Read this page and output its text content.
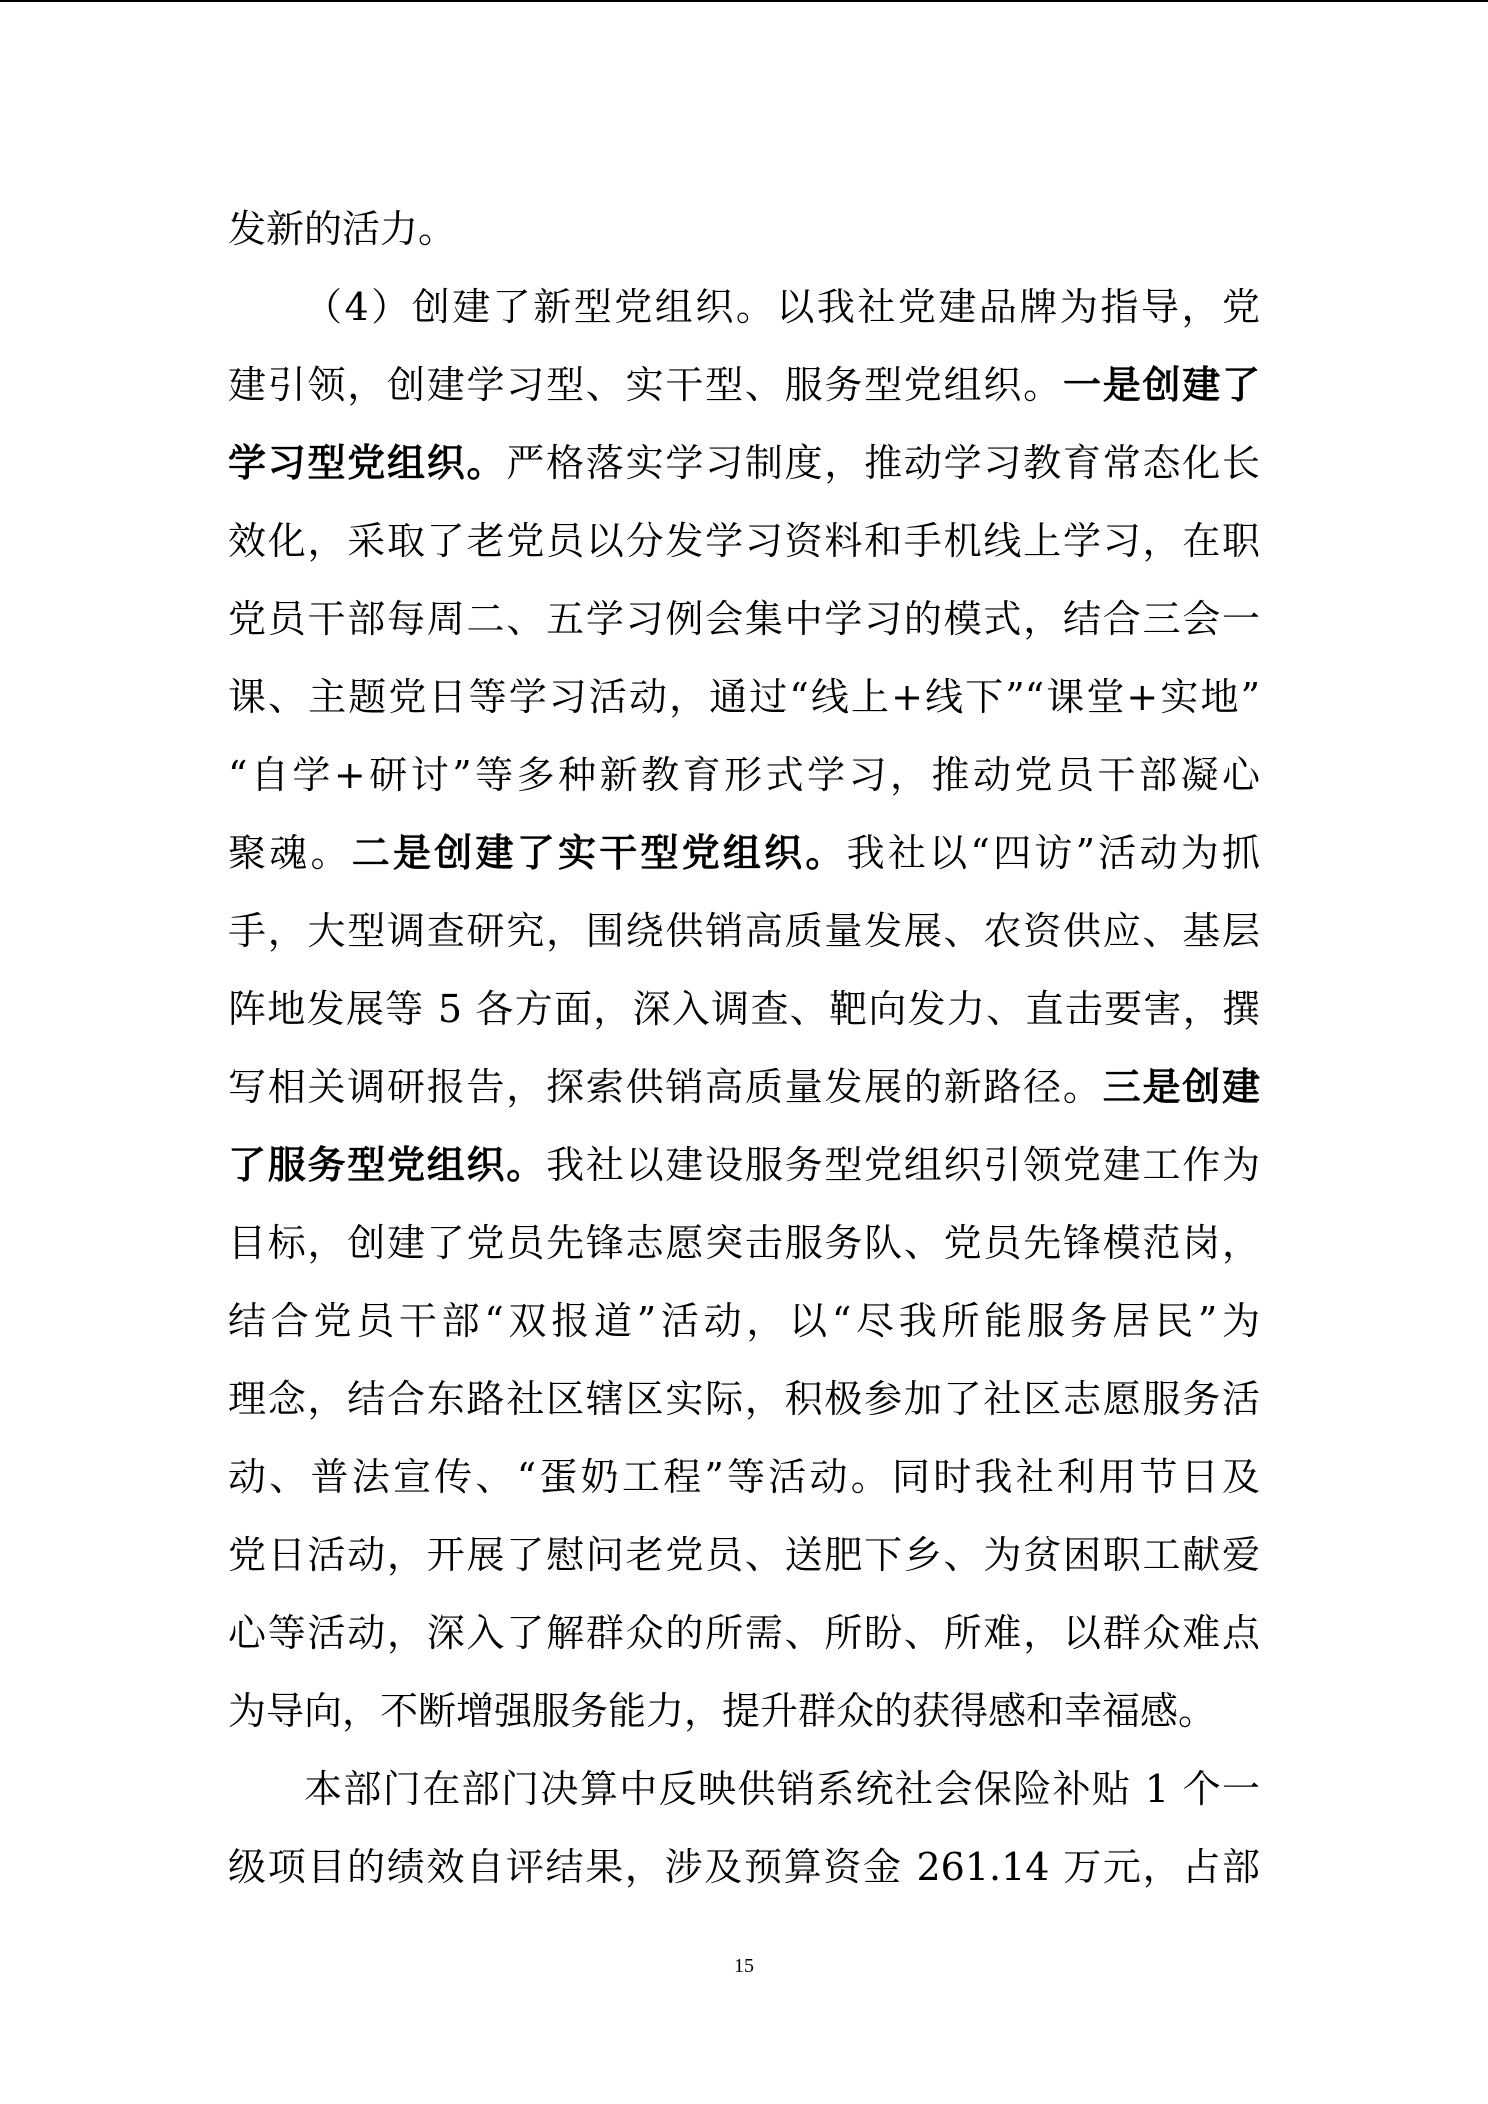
发新的活力。
（4）创建了新型党组织。以我社党建品牌为指导，党
建引领，创建学习型、实干型、服务型党组织。一是创建了
学习型党组织。严格落实学习制度，推动学习教育常态化长
效化，采取了老党员以分发学习资料和手机线上学习，在职
党员干部每周二、五学习例会集中学习的模式，结合三会一
课、主题党日等学习活动，通过“线上+线下”“课堂+实地”
“自学+研讨”等多种新教育形式学习，推动党员干部凝心
聚魂。二是创建了实干型党组织。我社以“四访”活动为抓
手，大型调查研究，围绕供销高质量发展、农资供应、基层
阵地发展等 5 各方面，深入调查、靶向发力、直击要害，撰
写相关调研报告，探索供销高质量发展的新路径。三是创建
了服务型党组织。我社以建设服务型党组织引领党建工作为
目标，创建了党员先锋志愿突击服务队、党员先锋模范岗，
结合党员干部“双报道”活动，以“尽我所能服务居民”为
理念，结合东路社区辖区实际，积极参加了社区志愿服务活
动、普法宣传、“蛋奶工程”等活动。同时我社利用节日及
党日活动，开展了慰问老党员、送肥下乡、为贫困职工献爱
心等活动，深入了解群众的所需、所盼、所难，以群众难点
为导向，不断增强服务能力，提升群众的获得感和幸福感。
本部门在部门决算中反映供销系统社会保险补贴 1 个一
级项目的绩效自评结果，涉及预算资金 261.14 万元，占部
15
